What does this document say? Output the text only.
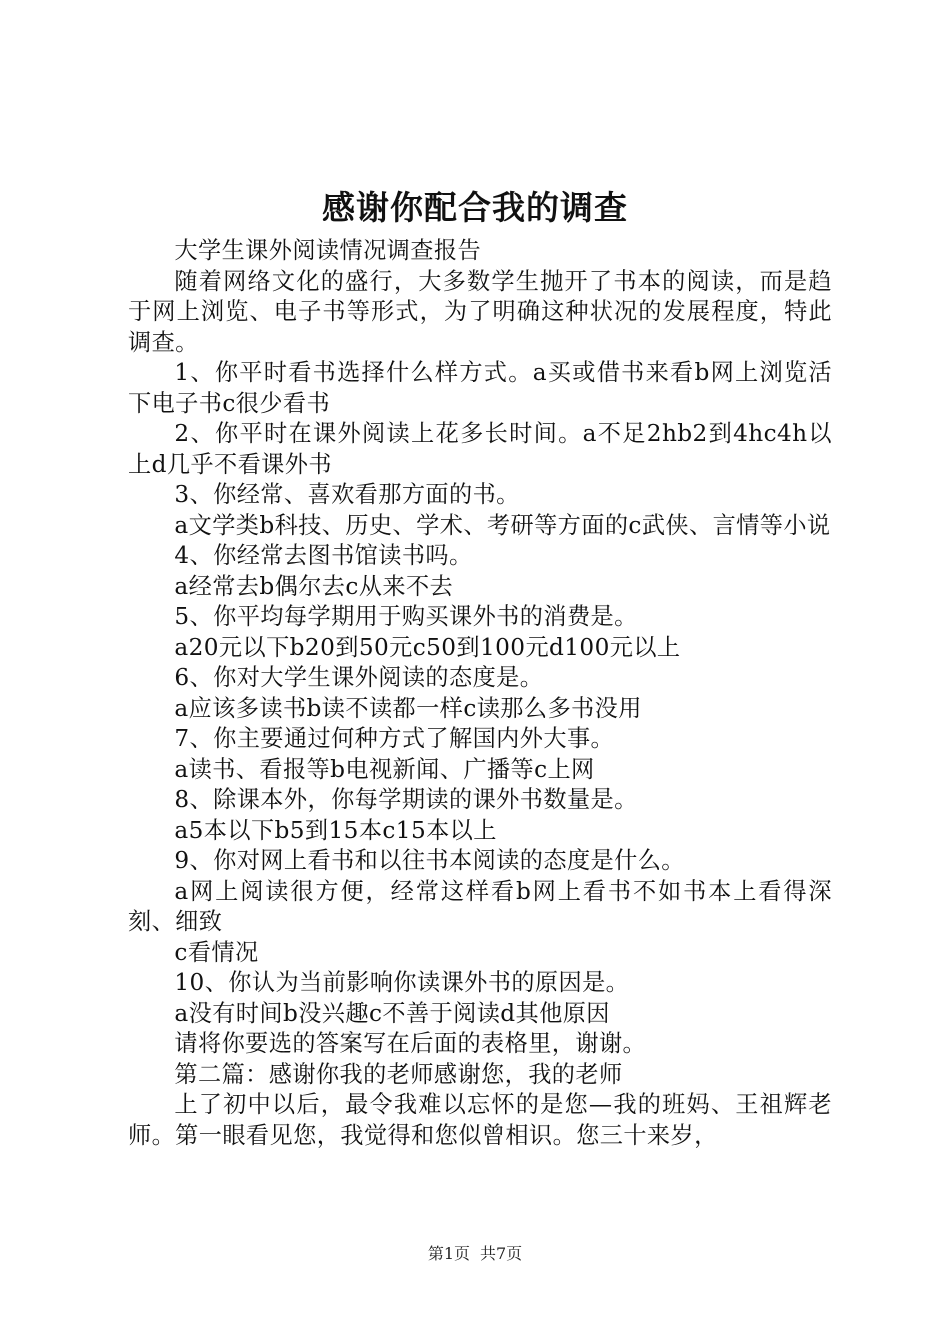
感谢你配合我的调查

大学生课外阅读情况调查报告

随着网络文化的盛行，大多数学生抛开了书本的阅读，而是趋于网上浏览、电子书等形式，为了明确这种状况的发展程度，特此调查。

1、你平时看书选择什么样方式。a买或借书来看b网上浏览活下电子书c很少看书

2、你平时在课外阅读上花多长时间。a不足2hb2到4hc4h以上d几乎不看课外书

3、你经常、喜欢看那方面的书。

a文学类b科技、历史、学术、考研等方面的c武侠、言情等小说

4、你经常去图书馆读书吗。

a经常去b偶尔去c从来不去

5、你平均每学期用于购买课外书的消费是。

a20元以下b20到50元c50到100元d100元以上

6、你对大学生课外阅读的态度是。

a应该多读书b读不读都一样c读那么多书没用

7、你主要通过何种方式了解国内外大事。

a读书、看报等b电视新闻、广播等c上网

8、除课本外，你每学期读的课外书数量是。

a5本以下b5到15本c15本以上

9、你对网上看书和以往书本阅读的态度是什么。

a网上阅读很方便，经常这样看b网上看书不如书本上看得深刻、细致

c看情况

10、你认为当前影响你读课外书的原因是。

a没有时间b没兴趣c不善于阅读d其他原因

请将你要选的答案写在后面的表格里，谢谢。

第二篇：感谢你我的老师感谢您，我的老师

上了初中以后，最令我难以忘怀的是您—我的班妈、王祖辉老师。第一眼看见您，我觉得和您似曾相识。您三十来岁，

第1页 共7页
